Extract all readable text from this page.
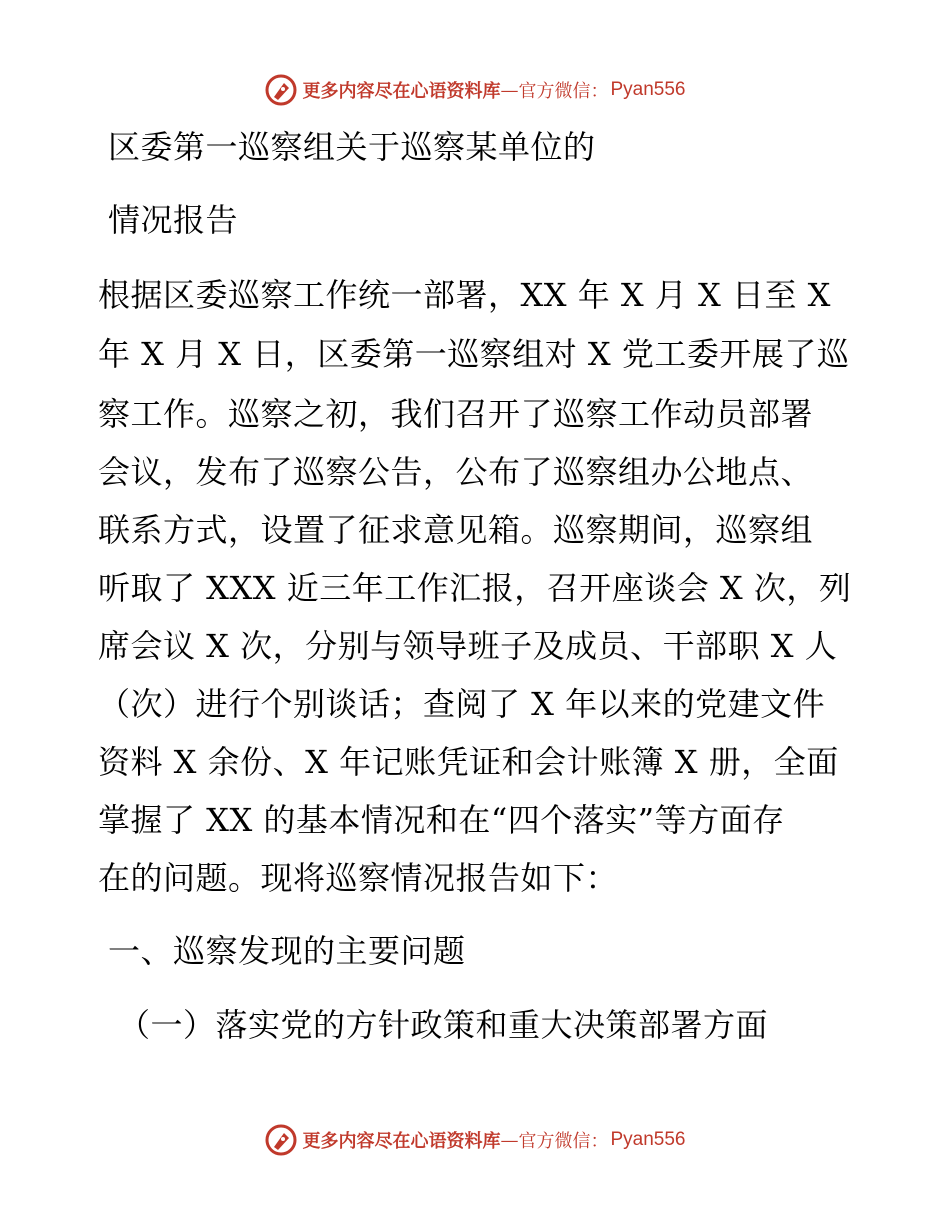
更多内容尽在心语资料库 — 官方微信： Pyan556
区委第一巡察组关于巡察某单位的
情况报告
根据区委巡察工作统一部署，XX 年 X 月 X 日至 X
年 X 月 X 日，区委第一巡察组对 X 党工委开展了巡
察工作。巡察之初，我们召开了巡察工作动员部署
会议，发布了巡察公告，公布了巡察组办公地点、
联系方式，设置了征求意见箱。巡察期间，巡察组
听取了 XXX 近三年工作汇报，召开座谈会 X 次，列
席会议 X 次，分别与领导班子及成员、干部职 X 人
（次）进行个别谈话；查阅了 X 年以来的党建文件
资料 X 余份、X 年记账凭证和会计账簿 X 册，全面
掌握了 XX 的基本情况和在“四个落实”等方面存
在的问题。现将巡察情况报告如下：
一、巡察发现的主要问题
（一）落实党的方针政策和重大决策部署方面
更多内容尽在心语资料库 — 官方微信： Pyan556
